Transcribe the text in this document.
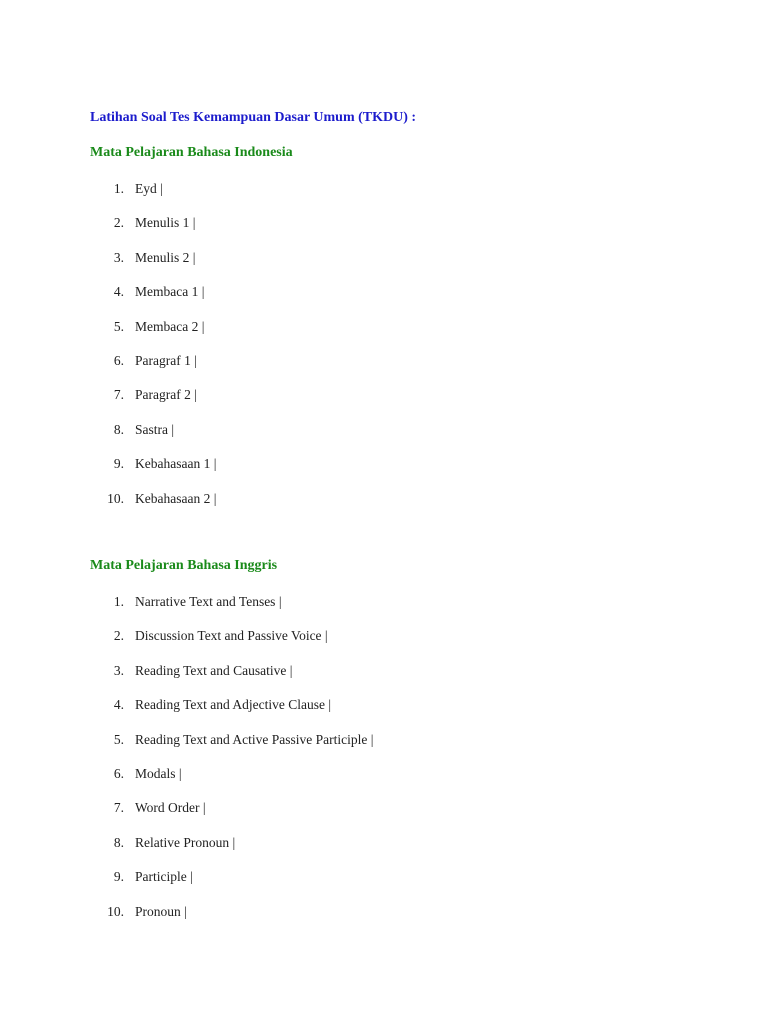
Latihan Soal Tes Kemampuan Dasar Umum (TKDU) :
Mata Pelajaran Bahasa Indonesia
1. Eyd |
2. Menulis 1 |
3. Menulis 2 |
4. Membaca 1 |
5. Membaca 2 |
6. Paragraf 1 |
7. Paragraf 2 |
8. Sastra |
9. Kebahasaan 1 |
10. Kebahasaan 2 |
Mata Pelajaran Bahasa Inggris
1. Narrative Text and Tenses |
2. Discussion Text and Passive Voice |
3. Reading Text and Causative |
4. Reading Text and Adjective Clause |
5. Reading Text and Active Passive Participle |
6. Modals |
7. Word Order |
8. Relative Pronoun |
9. Participle |
10. Pronoun |
